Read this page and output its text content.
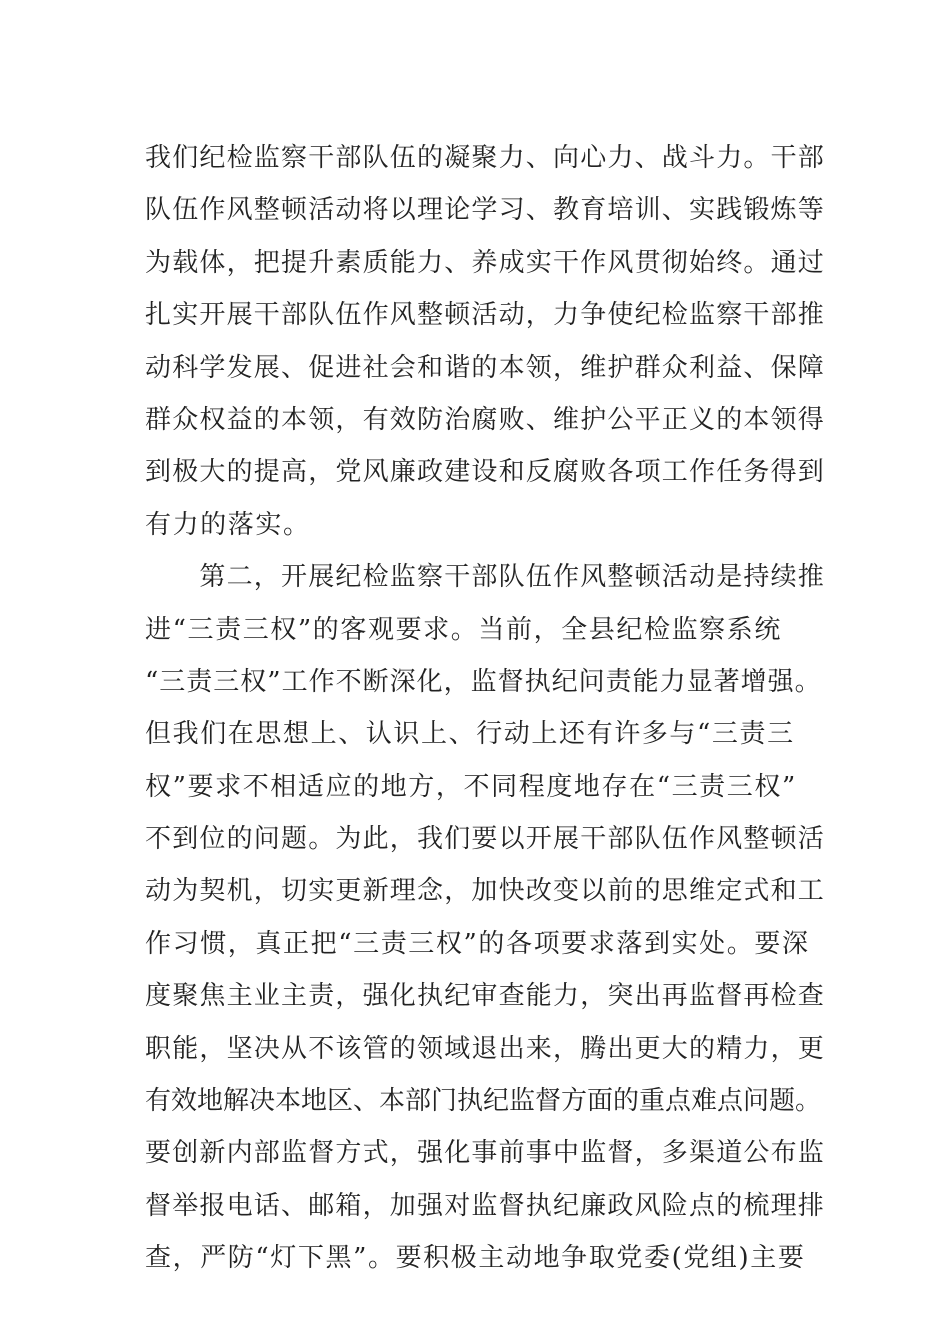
我们纪检监察干部队伍的凝聚力、向心力、战斗力。干部
队伍作风整顿活动将以理论学习、教育培训、实践锻炼等
为载体，把提升素质能力、养成实干作风贯彻始终。通过
扎实开展干部队伍作风整顿活动，力争使纪检监察干部推
动科学发展、促进社会和谐的本领，维护群众利益、保障
群众权益的本领，有效防治腐败、维护公平正义的本领得
到极大的提高，党风廉政建设和反腐败各项工作任务得到
有力的落实。
　　第二，开展纪检监察干部队伍作风整顿活动是持续推
进“三责三权”的客观要求。当前，全县纪检监察系统
“三责三权”工作不断深化，监督执纪问责能力显著增强。
但我们在思想上、认识上、行动上还有许多与“三责三
权”要求不相适应的地方，不同程度地存在“三责三权”
不到位的问题。为此，我们要以开展干部队伍作风整顿活
动为契机，切实更新理念，加快改变以前的思维定式和工
作习惯，真正把“三责三权”的各项要求落到实处。要深
度聚焦主业主责，强化执纪审查能力，突出再监督再检查
职能，坚决从不该管的领域退出来，腾出更大的精力，更
有效地解决本地区、本部门执纪监督方面的重点难点问题。
要创新内部监督方式，强化事前事中监督，多渠道公布监
督举报电话、邮箱，加强对监督执纪廉政风险点的梳理排
查，严防“灯下黑”。要积极主动地争取党委(党组)主要
